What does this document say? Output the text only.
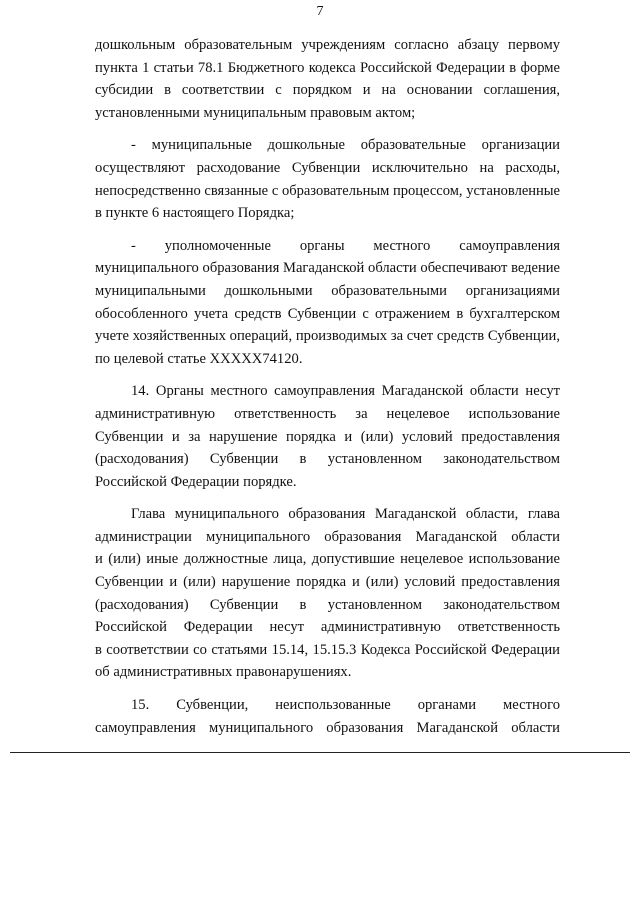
7
дошкольным образовательным учреждениям согласно абзацу первому
пункта 1 статьи 78.1 Бюджетного кодекса Российской Федерации в форме
субсидии в соответствии с порядком и на основании соглашения,
установленными муниципальным правовым актом;
- муниципальные дошкольные образовательные организации
осуществляют расходование Субвенции исключительно на расходы,
непосредственно связанные с образовательным процессом, установленные
в пункте 6 настоящего Порядка;
- уполномоченные органы местного самоуправления
муниципального образования Магаданской области обеспечивают ведение
муниципальными дошкольными образовательными организациями
обособленного учета средств Субвенции с отражением в бухгалтерском
учете хозяйственных операций, производимых за счет средств Субвенции,
по целевой статье XXXXX74120.
14. Органы местного самоуправления Магаданской области несут
административную ответственность за нецелевое использование
Субвенции и за нарушение порядка и (или) условий предоставления
(расходования) Субвенции в установленном законодательством
Российской Федерации порядке.
Глава муниципального образования Магаданской области, глава
администрации муниципального образования Магаданской области
и (или) иные должностные лица, допустившие нецелевое использование
Субвенции и (или) нарушение порядка и (или) условий предоставления
(расходования) Субвенции в установленном законодательством
Российской Федерации несут административную ответственность
в соответствии со статьями 15.14, 15.15.3 Кодекса Российской Федерации
об административных правонарушениях.
15. Субвенции, неиспользованные органами местного
самоуправления муниципального образования Магаданской области
